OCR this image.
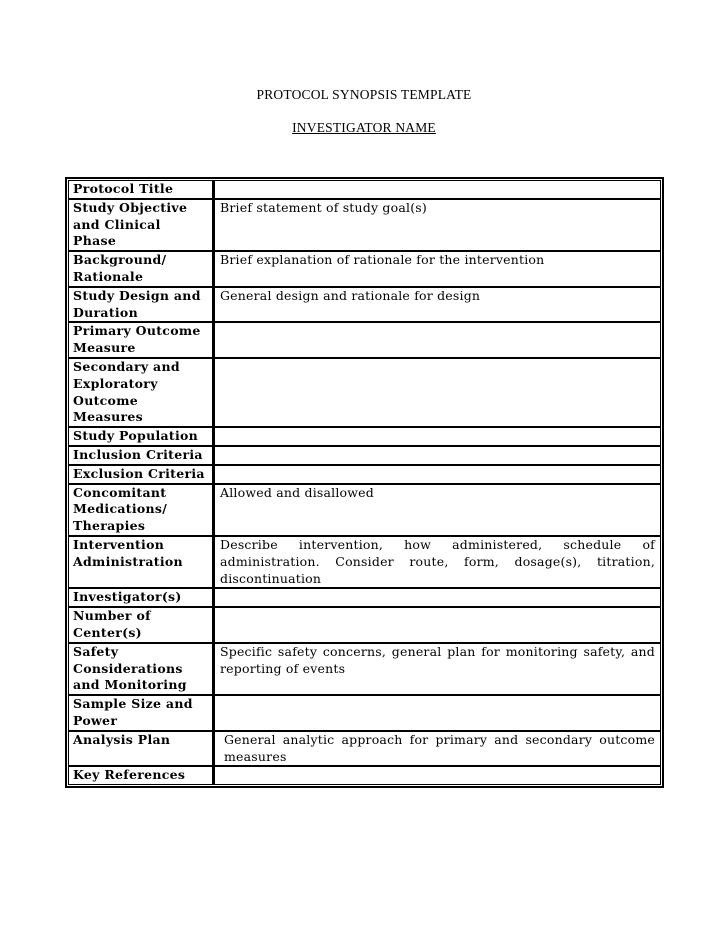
PROTOCOL SYNOPSIS TEMPLATE
INVESTIGATOR NAME
Protocol Title	
Study Objective and Clinical Phase	Brief statement of study goal(s)
Background/ Rationale	Brief explanation of rationale for the intervention
Study Design and Duration	General design and rationale for design
Primary Outcome Measure	
Secondary and Exploratory Outcome Measures	
Study Population	
Inclusion Criteria	
Exclusion Criteria	
Concomitant Medications/ Therapies	Allowed and disallowed
Intervention Administration	Describe intervention, how administered, schedule of administration. Consider route, form, dosage(s), titration, discontinuation
Investigator(s)	
Number of Center(s)	
Safety Considerations and Monitoring	Specific safety concerns, general plan for monitoring safety, and reporting of events
Sample Size and Power	
Analysis Plan	General analytic approach for primary and secondary outcome measures
Key References	
